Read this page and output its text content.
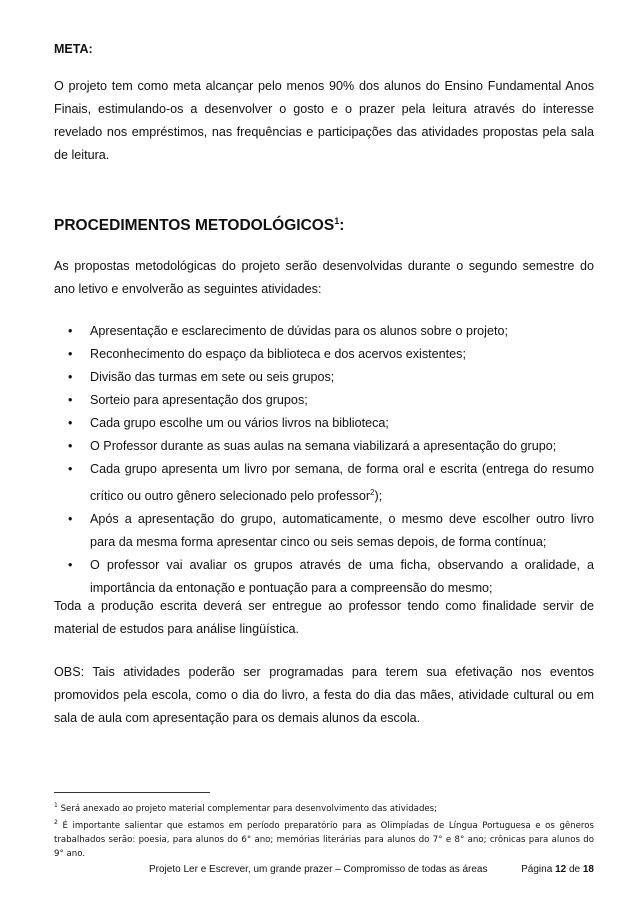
META:

O projeto tem como meta alcançar pelo menos 90% dos alunos do Ensino Fundamental Anos Finais, estimulando-os a desenvolver o gosto e o prazer pela leitura através do interesse revelado nos empréstimos, nas frequências e participações das atividades propostas pela sala de leitura.

PROCEDIMENTOS METODOLÓGICOS$^1$:

As propostas metodológicas do projeto serão desenvolvidas durante o segundo semestre do ano letivo e envolverão as seguintes atividades:

• Apresentação e esclarecimento de dúvidas para os alunos sobre o projeto;
• Reconhecimento do espaço da biblioteca e dos acervos existentes;
• Divisão das turmas em sete ou seis grupos;
• Sorteio para apresentação dos grupos;
• Cada grupo escolhe um ou vários livros na biblioteca;
• O Professor durante as suas aulas na semana viabilizará a apresentação do grupo;
• Cada grupo apresenta um livro por semana, de forma oral e escrita (entrega do resumo crítico ou outro gênero selecionado pelo professor$^2$);
• Após a apresentação do grupo, automaticamente, o mesmo deve escolher outro livro para da mesma forma apresentar cinco ou seis semas depois, de forma contínua;
• O professor vai avaliar os grupos através de uma ficha, observando a oralidade, a importância da entonação e pontuação para a compreensão do mesmo;

Toda a produção escrita deverá ser entregue ao professor tendo como finalidade servir de material de estudos para análise lingüística.

OBS: Tais atividades poderão ser programadas para terem sua efetivação nos eventos promovidos pela escola, como o dia do livro, a festa do dia das mães, atividade cultural ou em sala de aula com apresentação para os demais alunos da escola.

$^1$ Será anexado ao projeto material complementar para desenvolvimento das atividades;

$^2$ É importante salientar que estamos em período preparatório para as Olimpíadas de Língua Portuguesa e os gêneros trabalhados serão: poesia, para alunos do 6° ano; memórias literárias para alunos do 7° e 8° ano; crônicas para alunos do 9° ano.

Projeto Ler e Escrever, um grande prazer – Compromisso de todas as áreas	Página 12 de 18
